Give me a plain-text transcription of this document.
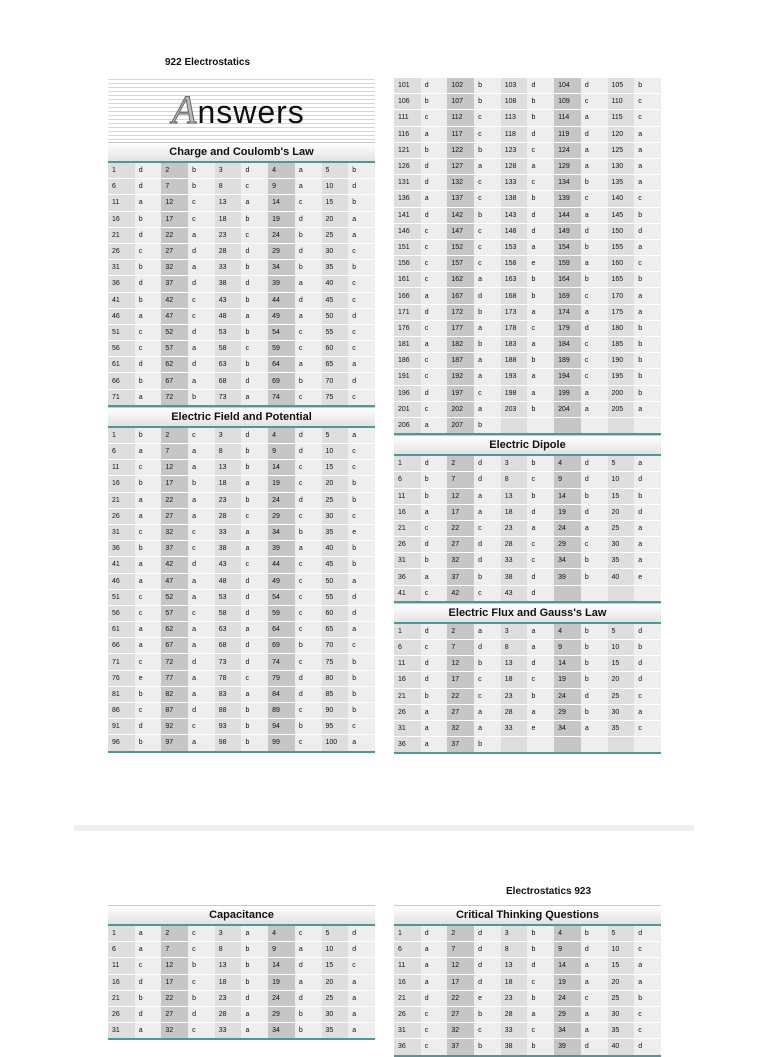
922 Electrostatics
Answers
Charge and Coulomb's Law
1	d	2	b	3	d	4	a	5	b
6	d	7	b	8	c	9	a	10	d
11	a	12	c	13	a	14	c	15	b
16	b	17	c	18	b	19	d	20	a
21	d	22	a	23	c	24	b	25	a
26	c	27	d	28	d	29	d	30	c
31	b	32	a	33	b	34	b	35	b
36	d	37	d	38	d	39	a	40	c
41	b	42	c	43	b	44	d	45	c
46	a	47	c	48	a	49	a	50	d
51	c	52	d	53	b	54	c	55	c
56	c	57	a	58	c	59	c	60	c
61	d	62	d	63	b	64	a	65	a
66	b	67	a	68	d	69	b	70	d
71	a	72	b	73	a	74	c	75	c
Electric Field and Potential
1	b	2	c	3	d	4	d	5	a
6	a	7	a	8	b	9	d	10	c
11	c	12	a	13	b	14	c	15	c
16	b	17	b	18	a	19	c	20	b
21	a	22	a	23	b	24	d	25	b
26	a	27	a	28	c	29	c	30	c
31	c	32	c	33	a	34	b	35	e
36	b	37	c	38	a	39	a	40	b
41	a	42	d	43	c	44	c	45	b
46	a	47	a	48	d	49	c	50	a
51	c	52	a	53	d	54	c	55	d
56	c	57	c	58	d	59	c	60	d
61	a	62	a	63	a	64	c	65	a
66	a	67	a	68	d	69	b	70	c
71	c	72	d	73	d	74	c	75	b
76	e	77	a	78	c	79	d	80	b
81	b	82	a	83	a	84	d	85	b
86	c	87	d	88	b	89	c	90	b
91	d	92	c	93	b	94	b	95	c
96	b	97	a	98	b	99	c	100	a
101	d	102	b	103	d	104	d	105	b
106	b	107	b	108	b	109	c	110	c
111	c	112	c	113	b	114	a	115	c
116	a	117	c	118	d	119	d	120	a
121	b	122	b	123	c	124	a	125	a
126	d	127	a	128	a	129	a	130	a
131	d	132	c	133	c	134	b	135	a
136	a	137	c	138	b	139	c	140	c
141	d	142	b	143	d	144	a	145	b
146	c	147	c	148	d	149	d	150	d
151	c	152	c	153	a	154	b	155	a
156	c	157	c	158	e	159	a	160	c
161	c	162	a	163	b	164	b	165	b
166	a	167	d	168	b	169	c	170	a
171	d	172	b	173	a	174	a	175	a
176	c	177	a	178	c	179	d	180	b
181	a	182	b	183	a	184	c	185	b
186	c	187	a	188	b	189	c	190	b
191	c	192	a	193	a	194	c	195	b
196	d	197	c	198	a	199	a	200	b
201	c	202	a	203	b	204	a	205	a
206	a	207	b						
Electric Dipole
1	d	2	d	3	b	4	d	5	a
6	b	7	d	8	c	9	d	10	d
11	b	12	a	13	b	14	b	15	b
16	a	17	a	18	d	19	d	20	d
21	c	22	c	23	a	24	a	25	a
26	d	27	d	28	c	29	c	30	a
31	b	32	d	33	c	34	b	35	a
36	a	37	b	38	d	39	b	40	e
41	c	42	c	43	d				
Electric Flux and Gauss's Law
1	d	2	a	3	a	4	b	5	d
6	c	7	d	8	a	9	b	10	b
11	d	12	b	13	d	14	b	15	d
16	d	17	c	18	c	19	b	20	d
21	b	22	c	23	b	24	d	25	c
26	a	27	a	28	a	29	b	30	a
31	a	32	a	33	e	34	a	35	c
36	a	37	b						
Electrostatics 923
Capacitance
1	a	2	c	3	a	4	c	5	d
6	a	7	c	8	b	9	a	10	d
11	c	12	b	13	b	14	d	15	c
16	d	17	c	18	b	19	a	20	a
21	b	22	b	23	d	24	d	25	a
26	d	27	d	28	a	29	b	30	a
31	a	32	c	33	a	34	b	35	a
Critical Thinking Questions
1	d	2	d	3	b	4	b	5	d
6	a	7	d	8	b	9	d	10	c
11	a	12	d	13	d	14	a	15	a
16	a	17	d	18	c	19	a	20	a
21	d	22	e	23	b	24	c	25	b
26	c	27	b	28	a	29	a	30	c
31	c	32	c	33	c	34	a	35	c
36	c	37	b	38	b	39	d	40	d
